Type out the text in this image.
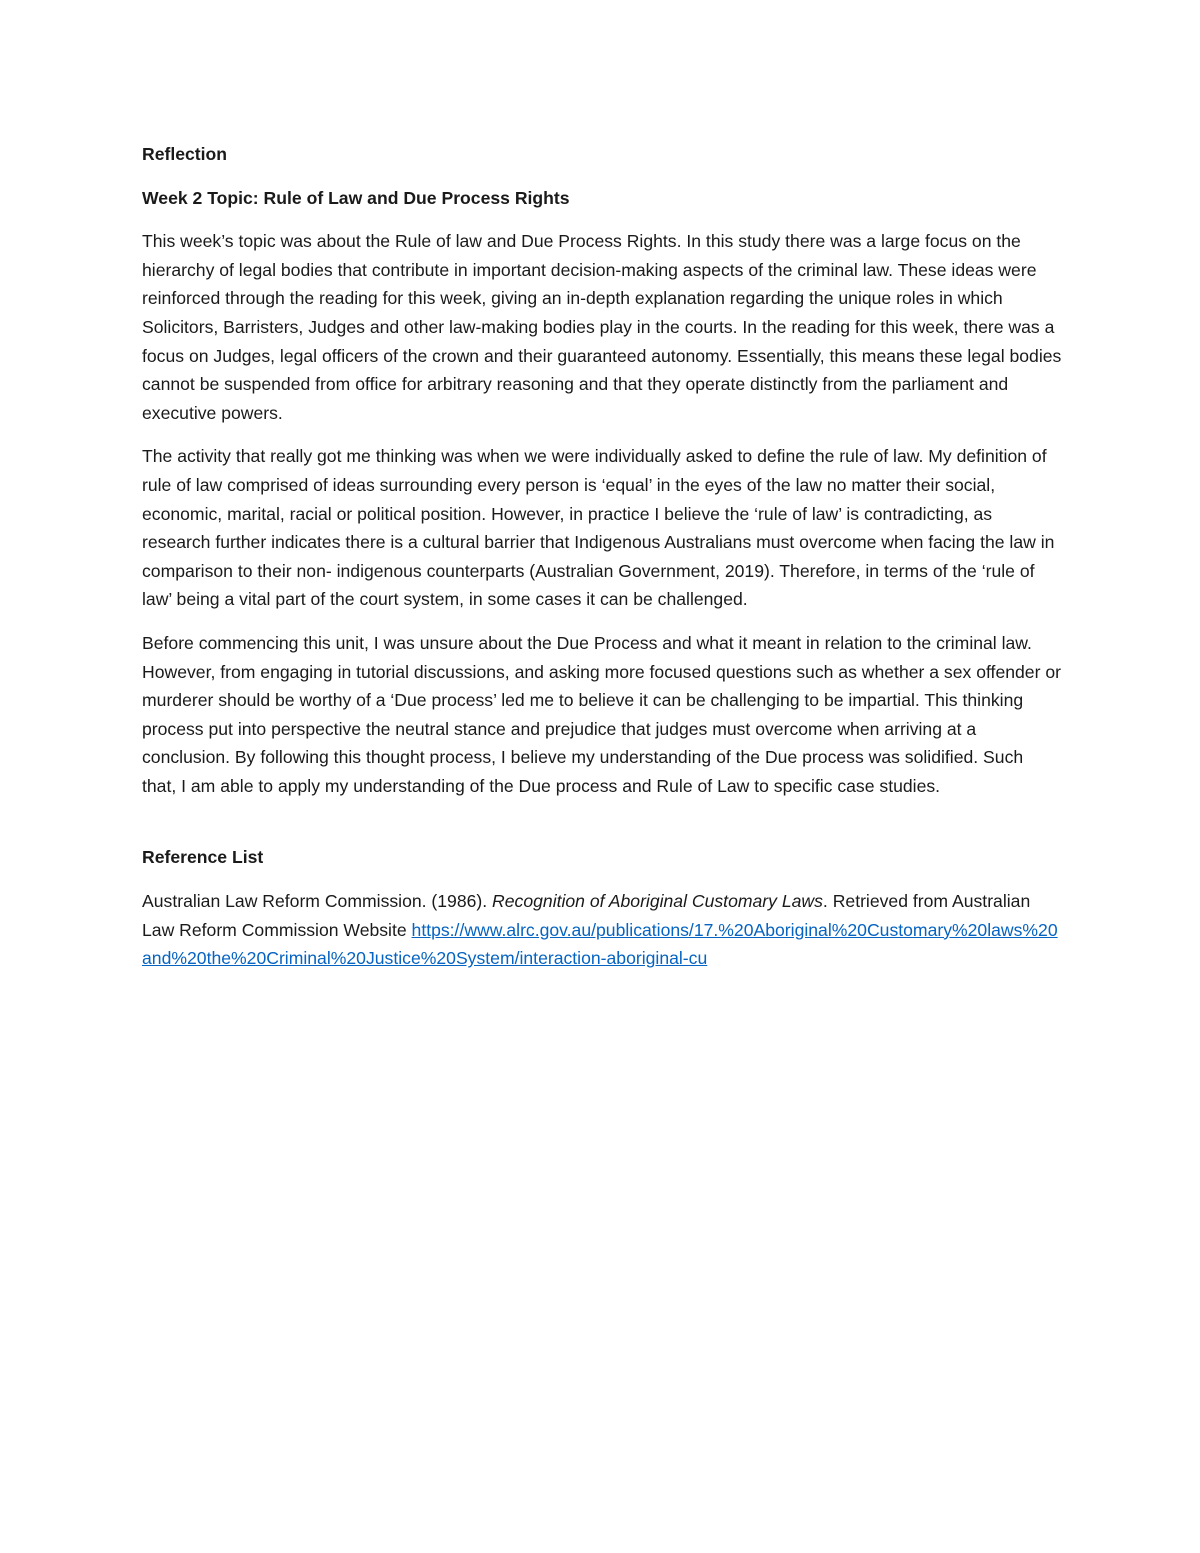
Reflection
Week 2 Topic: Rule of Law and Due Process Rights

This week’s topic was about the Rule of law and Due Process Rights. In this study there was a large focus on the hierarchy of legal bodies that contribute in important decision-making aspects of the criminal law. These ideas were reinforced through the reading for this week, giving an in-depth explanation regarding the unique roles in which Solicitors, Barristers, Judges and other law-making bodies play in the courts. In the reading for this week, there was a focus on Judges, legal officers of the crown and their guaranteed autonomy. Essentially, this means these legal bodies cannot be suspended from office for arbitrary reasoning and that they operate distinctly from the parliament and executive powers.

The activity that really got me thinking was when we were individually asked to define the rule of law. My definition of rule of law comprised of ideas surrounding every person is ‘equal’ in the eyes of the law no matter their social, economic, marital, racial or political position. However, in practice I believe the ‘rule of law’ is contradicting, as research further indicates there is a cultural barrier that Indigenous Australians must overcome when facing the law in comparison to their non- indigenous counterparts (Australian Government, 2019). Therefore, in terms of the ‘rule of law’ being a vital part of the court system, in some cases it can be challenged.

Before commencing this unit, I was unsure about the Due Process and what it meant in relation to the criminal law. However, from engaging in tutorial discussions, and asking more focused questions such as whether a sex offender or murderer should be worthy of a ‘Due process’ led me to believe it can be challenging to be impartial. This thinking process put into perspective the neutral stance and prejudice that judges must overcome when arriving at a conclusion. By following this thought process, I believe my understanding of the Due process was solidified. Such that, I am able to apply my understanding of the Due process and Rule of Law to specific case studies.

Reference List

Australian Law Reform Commission. (1986). Recognition of Aboriginal Customary Laws. Retrieved from Australian Law Reform Commission Website https://www.alrc.gov.au/publications/17.%20Aboriginal%20Customary%20laws%20and%20the%20Criminal%20Justice%20System/interaction-aboriginal-cu
